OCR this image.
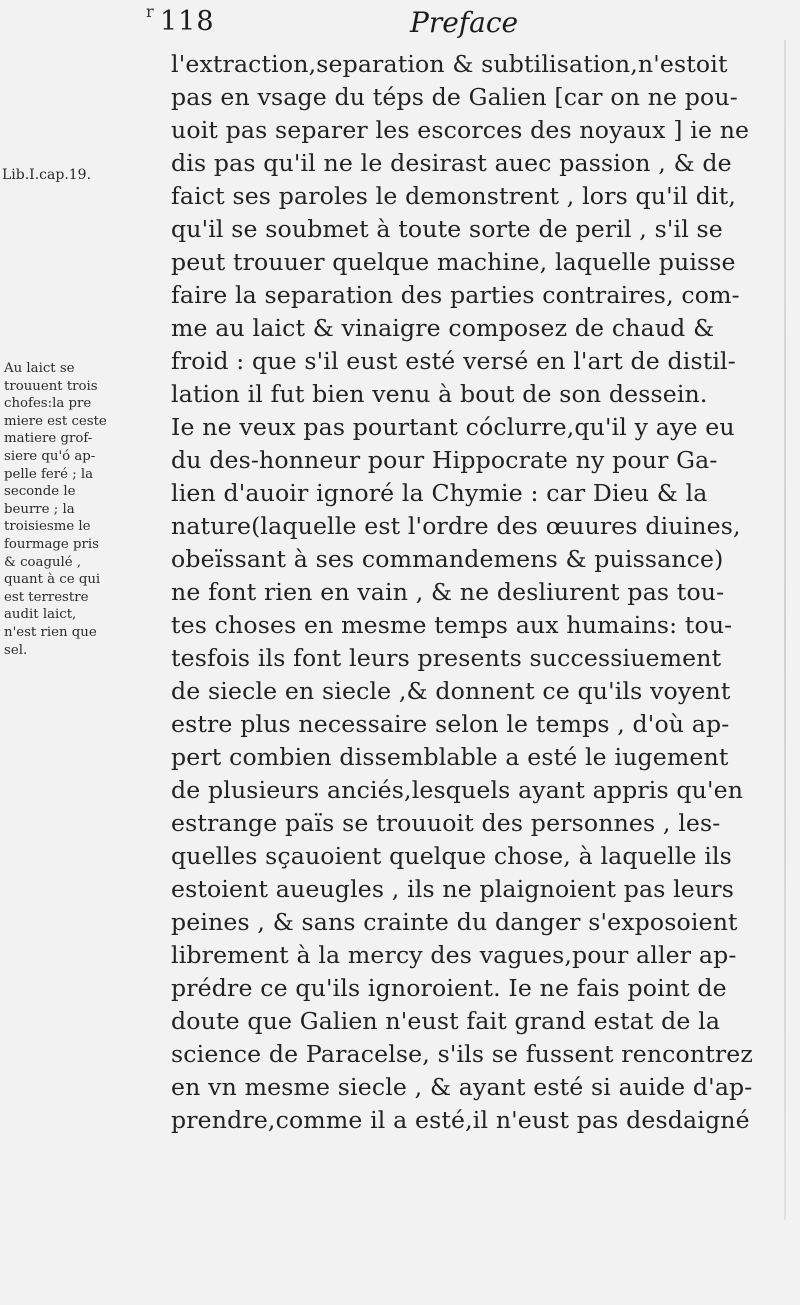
r 118	Preface
Lib.I.cap.19.
Au laict se
trouuent trois
chofes:la pre
miere est ceste
matiere grof-
siere qu'ó ap-
pelle feré ; la
seconde le
beurre ; la
troisiesme le
fourmage pris
& coagulé ,
quant à ce qui
est terrestre
audit laict,
n'est rien que
sel.
l'extraction,separation & subtilisation,n'estoit
pas en vsage du téps de Galien [car on ne pou-
uoit pas separer les escorces des noyaux ] ie ne
dis pas qu'il ne le desirast auec passion , & de
faict ses paroles le demonstrent , lors qu'il dit,
qu'il se soubmet à toute sorte de peril , s'il se
peut trouuer quelque machine, laquelle puisse
faire la separation des parties contraires, com-
me au laict & vinaigre composez de chaud &
froid : que s'il eust esté versé en l'art de distil-
lation il fut bien venu à bout de son dessein.
Ie ne veux pas pourtant cóclurre,qu'il y aye eu
du des-honneur pour Hippocrate ny pour Ga-
lien d'auoir ignoré la Chymie : car Dieu & la
nature(laquelle est l'ordre des œuures diuines,
obeïssant à ses commandemens & puissance)
ne font rien en vain , & ne desliurent pas tou-
tes choses en mesme temps aux humains: tou-
tesfois ils font leurs presents successiuement
de siecle en siecle ,& donnent ce qu'ils voyent
estre plus necessaire selon le temps , d'où ap-
pert combien dissemblable a esté le iugement
de plusieurs anciés,lesquels ayant appris qu'en
estrange païs se trouuoit des personnes , les-
quelles sçauoient quelque chose, à laquelle ils
estoient aueugles , ils ne plaignoient pas leurs
peines , & sans crainte du danger s'exposoient
librement à la mercy des vagues,pour aller ap-
prédre ce qu'ils ignoroient. Ie ne fais point de
doute que Galien n'eust fait grand estat de la
science de Paracelse, s'ils se fussent rencontrez
en vn mesme siecle , & ayant esté si auide d'ap-
prendre,comme il a esté,il n'eust pas desdaigné
